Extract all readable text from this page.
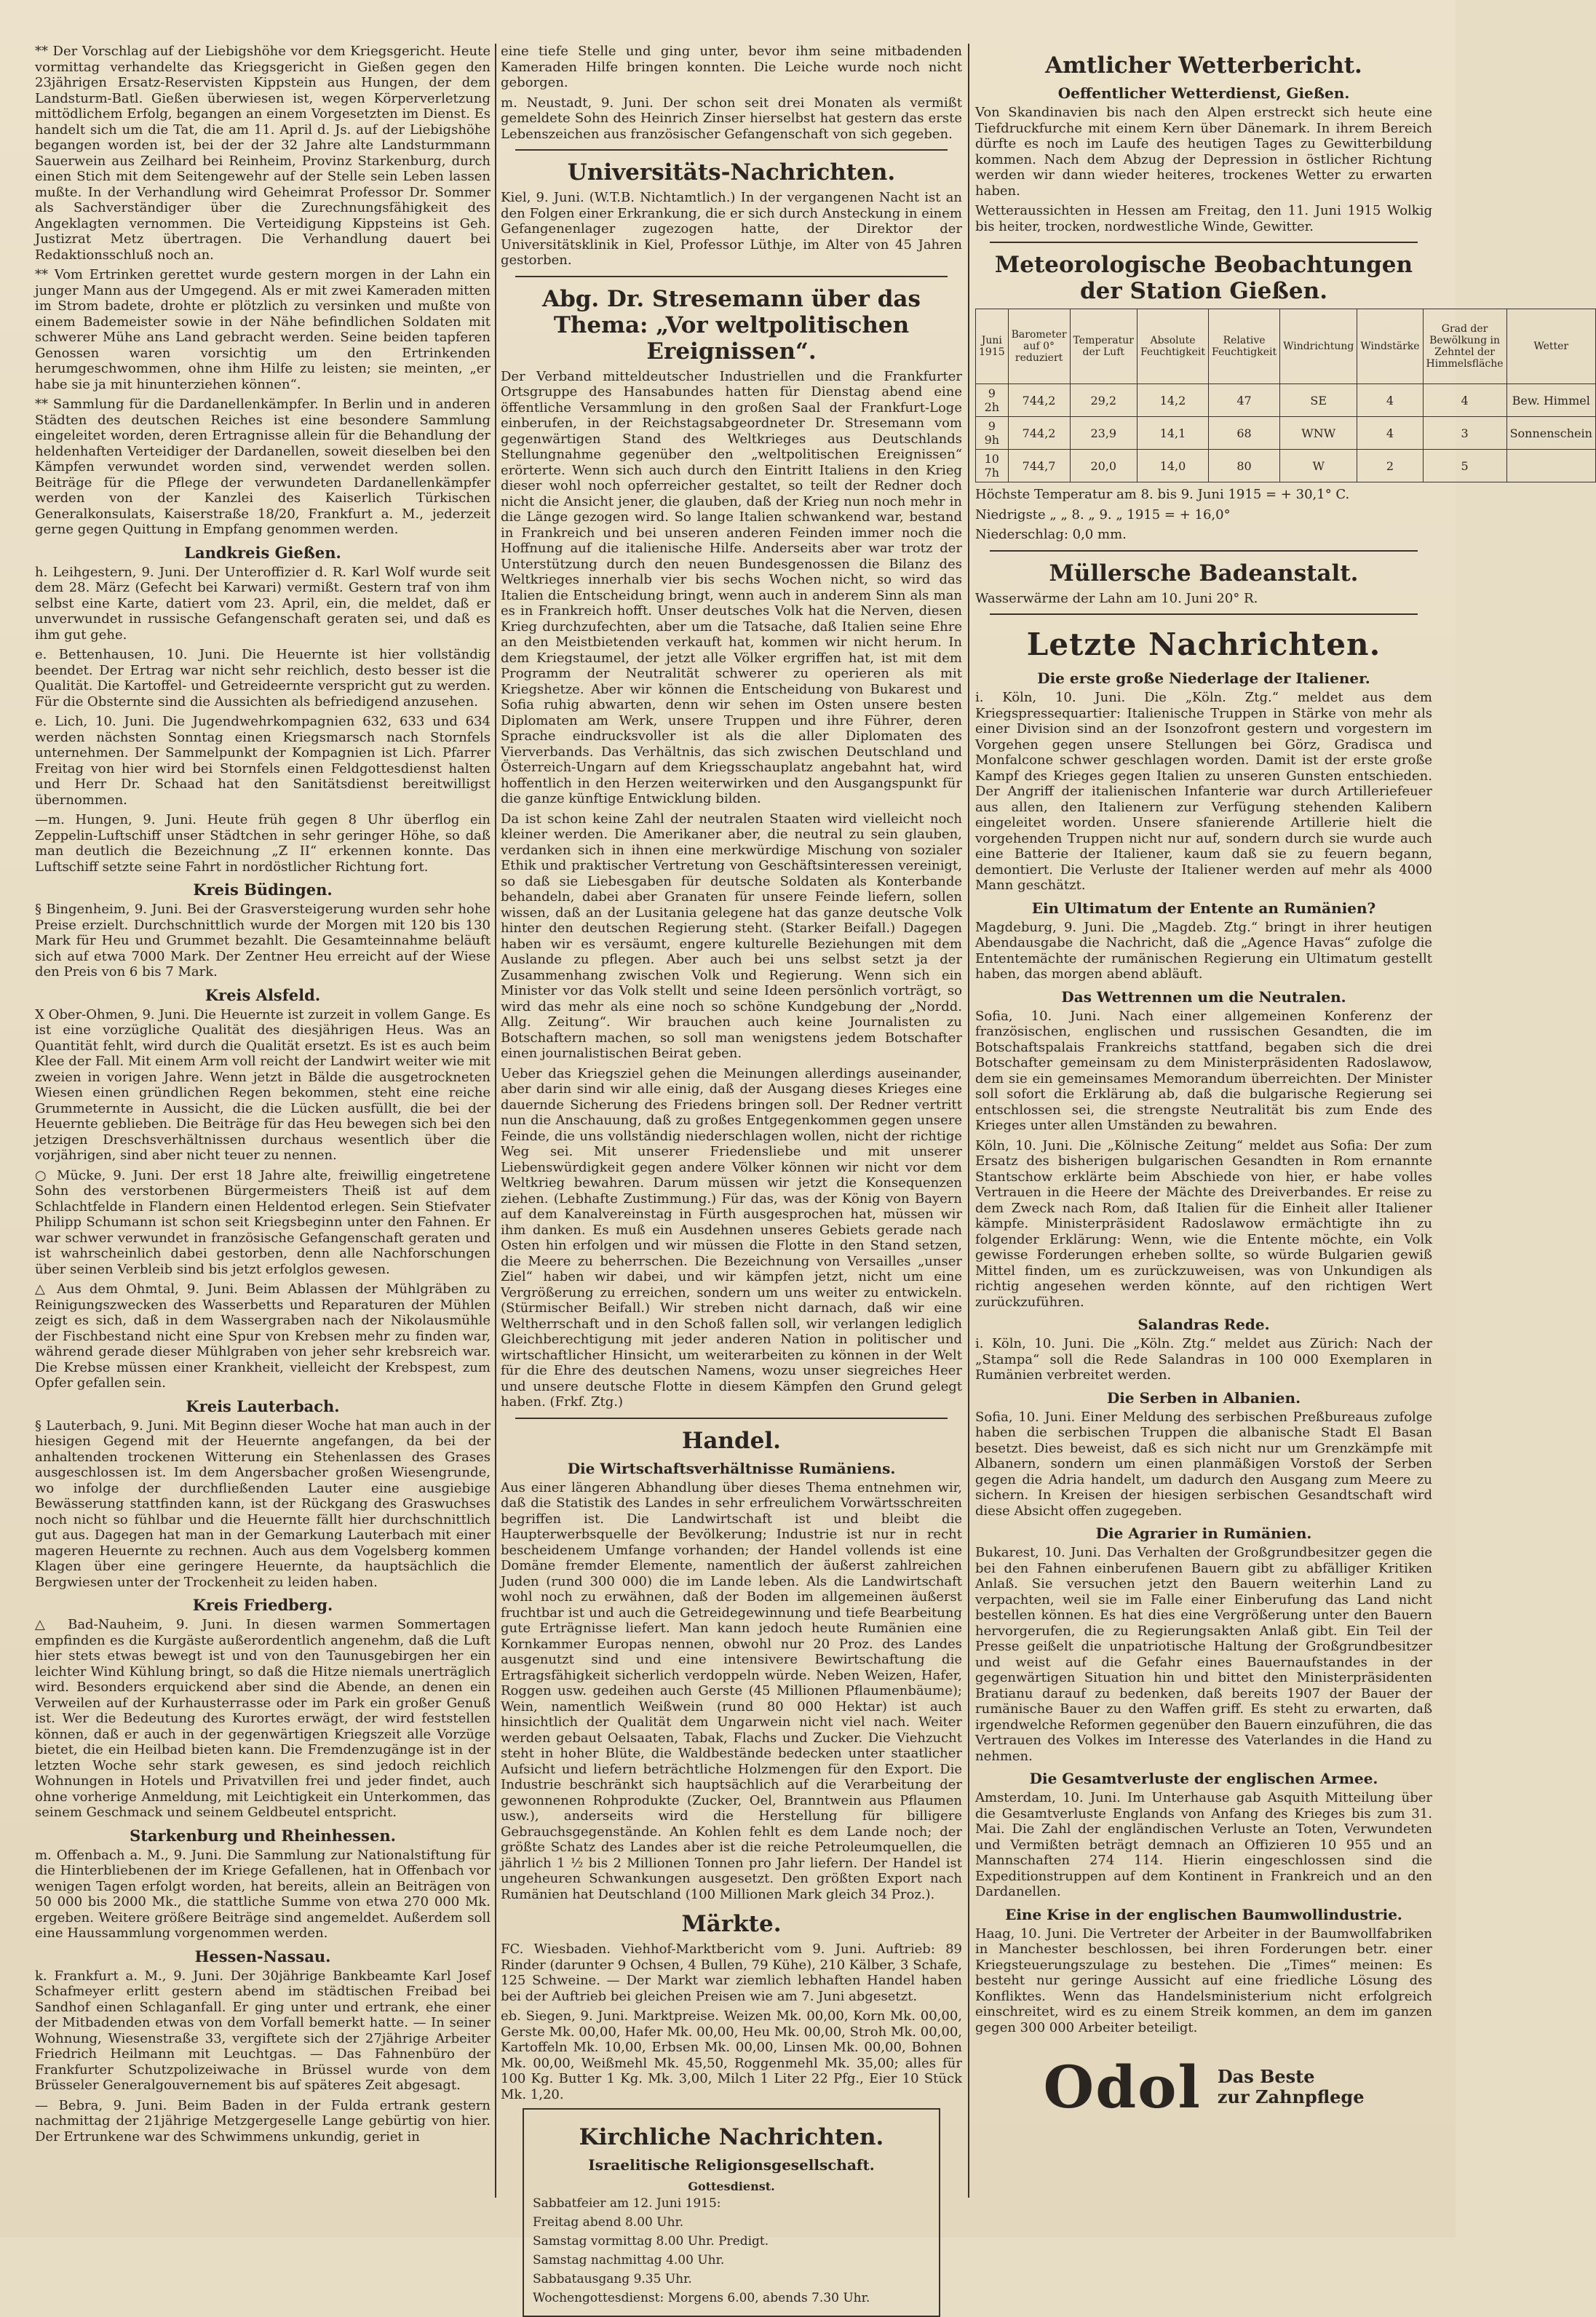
** Der Vorschlag auf der Liebigshöhe vor dem Kriegsgericht. Heute vormittag verhandelte das Kriegsgericht in Gießen gegen den 23jährigen Ersatz-Reservisten Kippstein aus Hungen, der dem Landsturm-Batl. Gießen überwiesen ist, wegen Körperverletzung mittödlichem Erfolg, begangen an einem Vorgesetzten im Dienst. Es handelt sich um die Tat, die am 11. April d. Js. auf der Liebigshöhe begangen worden ist, bei der der 32 Jahre alte Landsturmmann Sauerwein aus Zeilhard bei Reinheim, Provinz Starkenburg, durch einen Stich mit dem Seitengewehr auf der Stelle sein Leben lassen mußte. In der Verhandlung wird Geheimrat Professor Dr. Sommer als Sachverständiger über die Zurechnungsfähigkeit des Angeklagten vernommen. Die Verteidigung Kippsteins ist Geh. Justizrat Metz übertragen. Die Verhandlung dauert bei Redaktionsschluß noch an.

** Vom Ertrinken gerettet wurde gestern morgen in der Lahn ein junger Mann aus der Umgegend. Als er mit zwei Kameraden mitten im Strom badete, drohte er plötzlich zu versinken und mußte von einem Bademeister sowie in der Nähe befindlichen Soldaten mit schwerer Mühe ans Land gebracht werden. Seine beiden tapferen Genossen waren vorsichtig um den Ertrinkenden herumgeschwommen, ohne ihm Hilfe zu leisten; sie meinten, „er habe sie ja mit hinunterziehen können“.

** Sammlung für die Dardanellenkämpfer. In Berlin und in anderen Städten des deutschen Reiches ist eine besondere Sammlung eingeleitet worden, deren Ertragnisse allein für die Behandlung der heldenhaften Verteidiger der Dardanellen, soweit dieselben bei den Kämpfen verwundet worden sind, verwendet werden sollen. Beiträge für die Pflege der verwundeten Dardanellenkämpfer werden von der Kanzlei des Kaiserlich Türkischen Generalkonsulats, Kaiserstraße 18/20, Frankfurt a. M., jederzeit gerne gegen Quittung in Empfang genommen werden.

Landkreis Gießen.

h. Leihgestern, 9. Juni. Der Unteroffizier d. R. Karl Wolf wurde seit dem 28. März (Gefecht bei Karwari) vermißt. Gestern traf von ihm selbst eine Karte, datiert vom 23. April, ein, die meldet, daß er unverwundet in russische Gefangenschaft geraten sei, und daß es ihm gut gehe.

e. Bettenhausen, 10. Juni. Die Heuernte ist hier vollständig beendet. Der Ertrag war nicht sehr reichlich, desto besser ist die Qualität. Die Kartoffel- und Getreideernte verspricht gut zu werden. Für die Obsternte sind die Aussichten als befriedigend anzusehen.

e. Lich, 10. Juni. Die Jugendwehrkompagnien 632, 633 und 634 werden nächsten Sonntag einen Kriegsmarsch nach Stornfels unternehmen. Der Sammelpunkt der Kompagnien ist Lich. Pfarrer Freitag von hier wird bei Stornfels einen Feldgottesdienst halten und Herr Dr. Schaad hat den Sanitätsdienst bereitwilligst übernommen.

—m. Hungen, 9. Juni. Heute früh gegen 8 Uhr überflog ein Zeppelin-Luftschiff unser Städtchen in sehr geringer Höhe, so daß man deutlich die Bezeichnung „Z II“ erkennen konnte. Das Luftschiff setzte seine Fahrt in nordöstlicher Richtung fort.

Kreis Büdingen.

§ Bingenheim, 9. Juni. Bei der Grasversteigerung wurden sehr hohe Preise erzielt. Durchschnittlich wurde der Morgen mit 120 bis 130 Mark für Heu und Grummet bezahlt. Die Gesamteinnahme beläuft sich auf etwa 7000 Mark. Der Zentner Heu erreicht auf der Wiese den Preis von 6 bis 7 Mark.

Kreis Alsfeld.

X Ober-Ohmen, 9. Juni. Die Heuernte ist zurzeit in vollem Gange. Es ist eine vorzügliche Qualität des diesjährigen Heus. Was an Quantität fehlt, wird durch die Qualität ersetzt. Es ist es auch beim Klee der Fall. Mit einem Arm voll reicht der Landwirt weiter wie mit zweien in vorigen Jahre. Wenn jetzt in Bälde die ausgetrockneten Wiesen einen gründlichen Regen bekommen, steht eine reiche Grummeternte in Aussicht, die die Lücken ausfüllt, die bei der Heuernte geblieben. Die Beiträge für das Heu bewegen sich bei den jetzigen Dreschsverhältnissen durchaus wesentlich über die vorjährigen, sind aber nicht teuer zu nennen.

○ Mücke, 9. Juni. Der erst 18 Jahre alte, freiwillig eingetretene Sohn des verstorbenen Bürgermeisters Theiß ist auf dem Schlachtfelde in Flandern einen Heldentod erlegen. Sein Stiefvater Philipp Schumann ist schon seit Kriegsbeginn unter den Fahnen. Er war schwer verwundet in französische Gefangenschaft geraten und ist wahrscheinlich dabei gestorben, denn alle Nachforschungen über seinen Verbleib sind bis jetzt erfolglos gewesen.

△ Aus dem Ohmtal, 9. Juni. Beim Ablassen der Mühlgräben zu Reinigungszwecken des Wasserbetts und Reparaturen der Mühlen zeigt es sich, daß in dem Wassergraben nach der Nikolausmühle der Fischbestand nicht eine Spur von Krebsen mehr zu finden war, während gerade dieser Mühlgraben von jeher sehr krebsreich war. Die Krebse müssen einer Krankheit, vielleicht der Krebspest, zum Opfer gefallen sein.

Kreis Lauterbach.

§ Lauterbach, 9. Juni. Mit Beginn dieser Woche hat man auch in der hiesigen Gegend mit der Heuernte angefangen, da bei der anhaltenden trockenen Witterung ein Stehenlassen des Grases ausgeschlossen ist. Im dem Angersbacher großen Wiesengrunde, wo infolge der durchfließenden Lauter eine ausgiebige Bewässerung stattfinden kann, ist der Rückgang des Graswuchses noch nicht so fühlbar und die Heuernte fällt hier durchschnittlich gut aus. Dagegen hat man in der Gemarkung Lauterbach mit einer mageren Heuernte zu rechnen. Auch aus dem Vogelsberg kommen Klagen über eine geringere Heuernte, da hauptsächlich die Bergwiesen unter der Trockenheit zu leiden haben.

Kreis Friedberg.

△ Bad-Nauheim, 9. Juni. In diesen warmen Sommertagen empfinden es die Kurgäste außerordentlich angenehm, daß die Luft hier stets etwas bewegt ist und von den Taunusgebirgen her ein leichter Wind Kühlung bringt, so daß die Hitze niemals unerträglich wird. Besonders erquickend aber sind die Abende, an denen ein Verweilen auf der Kurhausterrasse oder im Park ein großer Genuß ist. Wer die Bedeutung des Kurortes erwägt, der wird feststellen können, daß er auch in der gegenwärtigen Kriegszeit alle Vorzüge bietet, die ein Heilbad bieten kann. Die Fremdenzugänge ist in der letzten Woche sehr stark gewesen, es sind jedoch reichlich Wohnungen in Hotels und Privatvillen frei und jeder findet, auch ohne vorherige Anmeldung, mit Leichtigkeit ein Unterkommen, das seinem Geschmack und seinem Geldbeutel entspricht.

Starkenburg und Rheinhessen.

m. Offenbach a. M., 9. Juni. Die Sammlung zur Nationalstiftung für die Hinterbliebenen der im Kriege Gefallenen, hat in Offenbach vor wenigen Tagen erfolgt worden, hat bereits, allein an Beiträgen von 50 000 bis 2000 Mk., die stattliche Summe von etwa 270 000 Mk. ergeben. Weitere größere Beiträge sind angemeldet. Außerdem soll eine Haussammlung vorgenommen werden.

Hessen-Nassau.

k. Frankfurt a. M., 9. Juni. Der 30jährige Bankbeamte Karl Josef Schafmeyer erlitt gestern abend im städtischen Freibad bei Sandhof einen Schlaganfall. Er ging unter und ertrank, ehe einer der Mitbadenden etwas von dem Vorfall bemerkt hatte. — In seiner Wohnung, Wiesenstraße 33, vergiftete sich der 27jährige Arbeiter Friedrich Heilmann mit Leuchtgas. — Das Fahnenbüro der Frankfurter Schutzpolizeiwache in Brüssel wurde von dem Brüsseler Generalgouvernement bis auf späteres Zeit abgesagt.

— Bebra, 9. Juni. Beim Baden in der Fulda ertrank gestern nachmittag der 21jährige Metzgergeselle Lange gebürtig von hier. Der Ertrunkene war des Schwimmens unkundig, geriet in

eine tiefe Stelle und ging unter, bevor ihm seine mitbadenden Kameraden Hilfe bringen konnten. Die Leiche wurde noch nicht geborgen.

m. Neustadt, 9. Juni. Der schon seit drei Monaten als vermißt gemeldete Sohn des Heinrich Zinser hierselbst hat gestern das erste Lebenszeichen aus französischer Gefangenschaft von sich gegeben.

Universitäts-Nachrichten.

Kiel, 9. Juni. (W.T.B. Nichtamtlich.) In der vergangenen Nacht ist an den Folgen einer Erkrankung, die er sich durch Ansteckung in einem Gefangenenlager zugezogen hatte, der Direktor der Universitätsklinik in Kiel, Professor Lüthje, im Alter von 45 Jahren gestorben.

Abg. Dr. Stresemann über das Thema: „Vor weltpolitischen Ereignissen“.

Der Verband mitteldeutscher Industriellen und die Frankfurter Ortsgruppe des Hansabundes hatten für Dienstag abend eine öffentliche Versammlung in den großen Saal der Frankfurt-Loge einberufen, in der Reichstagsabgeordneter Dr. Stresemann vom gegenwärtigen Stand des Weltkrieges aus Deutschlands Stellungnahme gegenüber den „weltpolitischen Ereignissen“ erörterte. Wenn sich auch durch den Eintritt Italiens in den Krieg dieser wohl noch opferreicher gestaltet, so teilt der Redner doch nicht die Ansicht jener, die glauben, daß der Krieg nun noch mehr in die Länge gezogen wird. So lange Italien schwankend war, bestand in Frankreich und bei unseren anderen Feinden immer noch die Hoffnung auf die italienische Hilfe. Anderseits aber war trotz der Unterstützung durch den neuen Bundesgenossen die Bilanz des Weltkrieges innerhalb vier bis sechs Wochen nicht, so wird das Italien die Entscheidung bringt, wenn auch in anderem Sinn als man es in Frankreich hofft. Unser deutsches Volk hat die Nerven, diesen Krieg durchzufechten, aber um die Tatsache, daß Italien seine Ehre an den Meistbietenden verkauft hat, kommen wir nicht herum. In dem Kriegstaumel, der jetzt alle Völker ergriffen hat, ist mit dem Programm der Neutralität schwerer zu operieren als mit Kriegshetze. Aber wir können die Entscheidung von Bukarest und Sofia ruhig abwarten, denn wir sehen im Osten unsere besten Diplomaten am Werk, unsere Truppen und ihre Führer, deren Sprache eindrucksvoller ist als die aller Diplomaten des Vierverbands. Das Verhältnis, das sich zwischen Deutschland und Österreich-Ungarn auf dem Kriegsschauplatz angebahnt hat, wird hoffentlich in den Herzen weiterwirken und den Ausgangspunkt für die ganze künftige Entwicklung bilden.

Da ist schon keine Zahl der neutralen Staaten wird vielleicht noch kleiner werden. Die Amerikaner aber, die neutral zu sein glauben, verdanken sich in ihnen eine merkwürdige Mischung von sozialer Ethik und praktischer Vertretung von Geschäftsinteressen vereinigt, so daß sie Liebesgaben für deutsche Soldaten als Konterbande behandeln, dabei aber Granaten für unsere Feinde liefern, sollen wissen, daß an der Lusitania gelegene hat das ganze deutsche Volk hinter den deutschen Regierung steht. (Starker Beifall.) Dagegen haben wir es versäumt, engere kulturelle Beziehungen mit dem Auslande zu pflegen. Aber auch bei uns selbst setzt ja der Zusammenhang zwischen Volk und Regierung. Wenn sich ein Minister vor das Volk stellt und seine Ideen persönlich vorträgt, so wird das mehr als eine noch so schöne Kundgebung der „Nordd. Allg. Zeitung“. Wir brauchen auch keine Journalisten zu Botschaftern machen, so soll man wenigstens jedem Botschafter einen journalistischen Beirat geben.

Ueber das Kriegsziel gehen die Meinungen allerdings auseinander, aber darin sind wir alle einig, daß der Ausgang dieses Krieges eine dauernde Sicherung des Friedens bringen soll. Der Redner vertritt nun die Anschauung, daß zu großes Entgegenkommen gegen unsere Feinde, die uns vollständig niederschlagen wollen, nicht der richtige Weg sei. Mit unserer Friedensliebe und mit unserer Liebenswürdigkeit gegen andere Völker können wir nicht vor dem Weltkrieg bewahren. Darum müssen wir jetzt die Konsequenzen ziehen. (Lebhafte Zustimmung.) Für das, was der König von Bayern auf dem Kanalvereinstag in Fürth ausgesprochen hat, müssen wir ihm danken. Es muß ein Ausdehnen unseres Gebiets gerade nach Osten hin erfolgen und wir müssen die Flotte in den Stand setzen, die Meere zu beherrschen. Die Bezeichnung von Versailles „unser Ziel“ haben wir dabei, und wir kämpfen jetzt, nicht um eine Vergrößerung zu erreichen, sondern um uns weiter zu entwickeln. (Stürmischer Beifall.) Wir streben nicht darnach, daß wir eine Weltherrschaft und in den Schoß fallen soll, wir verlangen lediglich Gleichberechtigung mit jeder anderen Nation in politischer und wirtschaftlicher Hinsicht, um weiterarbeiten zu können in der Welt für die Ehre des deutschen Namens, wozu unser siegreiches Heer und unsere deutsche Flotte in diesem Kämpfen den Grund gelegt haben. (Frkf. Ztg.)

Handel.
Die Wirtschaftsverhältnisse Rumäniens.

Aus einer längeren Abhandlung über dieses Thema entnehmen wir, daß die Statistik des Landes in sehr erfreulichem Vorwärtsschreiten begriffen ist. Die Landwirtschaft ist und bleibt die Haupterwerbsquelle der Bevölkerung; Industrie ist nur in recht bescheidenem Umfange vorhanden; der Handel vollends ist eine Domäne fremder Elemente, namentlich der äußerst zahlreichen Juden (rund 300 000) die im Lande leben. Als die Landwirtschaft wohl noch zu erwähnen, daß der Boden im allgemeinen äußerst fruchtbar ist und auch die Getreidegewinnung und tiefe Bearbeitung gute Erträgnisse liefert. Man kann jedoch heute Rumänien eine Kornkammer Europas nennen, obwohl nur 20 Proz. des Landes ausgenutzt sind und eine intensivere Bewirtschaftung die Ertragsfähigkeit sicherlich verdoppeln würde. Neben Weizen, Hafer, Roggen usw. gedeihen auch Gerste (45 Millionen Pflaumenbäume); Wein, namentlich Weißwein (rund 80 000 Hektar) ist auch hinsichtlich der Qualität dem Ungarwein nicht viel nach. Weiter werden gebaut Oelsaaten, Tabak, Flachs und Zucker. Die Viehzucht steht in hoher Blüte, die Waldbestände bedecken unter staatlicher Aufsicht und liefern beträchtliche Holzmengen für den Export. Die Industrie beschränkt sich hauptsächlich auf die Verarbeitung der gewonnenen Rohprodukte (Zucker, Oel, Branntwein aus Pflaumen usw.), anderseits wird die Herstellung für billigere Gebrauchsgegenstände. An Kohlen fehlt es dem Lande noch; der größte Schatz des Landes aber ist die reiche Petroleumquellen, die jährlich 1 ½ bis 2 Millionen Tonnen pro Jahr liefern. Der Handel ist ungeheuren Schwankungen ausgesetzt. Den größten Export nach Rumänien hat Deutschland (100 Millionen Mark gleich 34 Proz.).

Märkte.

FC. Wiesbaden. Viehhof-Marktbericht vom 9. Juni. Auftrieb: 89 Rinder (darunter 9 Ochsen, 4 Bullen, 79 Kühe), 210 Kälber, 3 Schafe, 125 Schweine. — Der Markt war ziemlich lebhaften Handel haben bei der Auftrieb bei gleichen Preisen wie am 7. Juni abgesetzt.

eb. Siegen, 9. Juni. Marktpreise. Weizen Mk. 00,00, Korn Mk. 00,00, Gerste Mk. 00,00, Hafer Mk. 00,00, Heu Mk. 00,00, Stroh Mk. 00,00, Kartoffeln Mk. 10,00, Erbsen Mk. 00,00, Linsen Mk. 00,00, Bohnen Mk. 00,00, Weißmehl Mk. 45,50, Roggenmehl Mk. 35,00; alles für 100 Kg. Butter 1 Kg. Mk. 3,00, Milch 1 Liter 22 Pfg., Eier 10 Stück Mk. 1,20.

Kirchliche Nachrichten.
Israelitische Religionsgesellschaft.
Gottesdienst.

Sabbatfeier am 12. Juni 1915:

Freitag abend 8.00 Uhr.

Samstag vormittag 8.00 Uhr. Predigt.

Samstag nachmittag 4.00 Uhr.

Sabbatausgang 9.35 Uhr.

Wochengottesdienst: Morgens 6.00, abends 7.30 Uhr.

Amtlicher Wetterbericht.
Oeffentlicher Wetterdienst, Gießen.

Von Skandinavien bis nach den Alpen erstreckt sich heute eine Tiefdruckfurche mit einem Kern über Dänemark. In ihrem Bereich dürfte es noch im Laufe des heutigen Tages zu Gewitterbildung kommen. Nach dem Abzug der Depression in östlicher Richtung werden wir dann wieder heiteres, trockenes Wetter zu erwarten haben.

Wetteraussichten in Hessen am Freitag, den 11. Juni 1915 Wolkig bis heiter, trocken, nordwestliche Winde, Gewitter.

Meteorologische Beobachtungen der Station Gießen.
Juni 1915	Barometer auf 0° reduziert	Temperatur der Luft	Absolute Feuchtigkeit	Relative Feuchtigkeit	Windrichtung	Windstärke	Grad der Bewölkung in Zehntel der Himmelsfläche	Wetter
9 2h	744,2	29,2	14,2	47	SE	4	4	Bew. Himmel
9 9h	744,2	23,9	14,1	68	WNW	4	3	Sonnenschein
10 7h	744,7	20,0	14,0	80	W	2	5	

Höchste Temperatur am 8. bis 9. Juni 1915 = + 30,1° C.

Niedrigste „ „ 8. „ 9. „ 1915 = + 16,0°

Niederschlag: 0,0 mm.

Müllersche Badeanstalt.

Wasserwärme der Lahn am 10. Juni 20° R.

Letzte Nachrichten.
Die erste große Niederlage der Italiener.

i. Köln, 10. Juni. Die „Köln. Ztg.“ meldet aus dem Kriegspressequartier: Italienische Truppen in Stärke von mehr als einer Division sind an der Isonzofront gestern und vorgestern im Vorgehen gegen unsere Stellungen bei Görz, Gradisca und Monfalcone schwer geschlagen worden. Damit ist der erste große Kampf des Krieges gegen Italien zu unseren Gunsten entschieden. Der Angriff der italienischen Infanterie war durch Artilleriefeuer aus allen, den Italienern zur Verfügung stehenden Kalibern eingeleitet worden. Unsere sfanierende Artillerie hielt die vorgehenden Truppen nicht nur auf, sondern durch sie wurde auch eine Batterie der Italiener, kaum daß sie zu feuern begann, demontiert. Die Verluste der Italiener werden auf mehr als 4000 Mann geschätzt.

Ein Ultimatum der Entente an Rumänien?

Magdeburg, 9. Juni. Die „Magdeb. Ztg.“ bringt in ihrer heutigen Abendausgabe die Nachricht, daß die „Agence Havas“ zufolge die Ententemächte der rumänischen Regierung ein Ultimatum gestellt haben, das morgen abend abläuft.

Das Wettrennen um die Neutralen.

Sofia, 10. Juni. Nach einer allgemeinen Konferenz der französischen, englischen und russischen Gesandten, die im Botschaftspalais Frankreichs stattfand, begaben sich die drei Botschafter gemeinsam zu dem Ministerpräsidenten Radoslawow, dem sie ein gemeinsames Memorandum überreichten. Der Minister soll sofort die Erklärung ab, daß die bulgarische Regierung sei entschlossen sei, die strengste Neutralität bis zum Ende des Krieges unter allen Umständen zu bewahren.

Köln, 10. Juni. Die „Kölnische Zeitung“ meldet aus Sofia: Der zum Ersatz des bisherigen bulgarischen Gesandten in Rom ernannte Stantschow erklärte beim Abschiede von hier, er habe volles Vertrauen in die Heere der Mächte des Dreiverbandes. Er reise zu dem Zweck nach Rom, daß Italien für die Einheit aller Italiener kämpfe. Ministerpräsident Radoslawow ermächtigte ihn zu folgender Erklärung: Wenn, wie die Entente möchte, ein Volk gewisse Forderungen erheben sollte, so würde Bulgarien gewiß Mittel finden, um es zurückzuweisen, was von Unkundigen als richtig angesehen werden könnte, auf den richtigen Wert zurückzuführen.

Salandras Rede.

i. Köln, 10. Juni. Die „Köln. Ztg.“ meldet aus Zürich: Nach der „Stampa“ soll die Rede Salandras in 100 000 Exemplaren in Rumänien verbreitet werden.

Die Serben in Albanien.

Sofia, 10. Juni. Einer Meldung des serbischen Preßbureaus zufolge haben die serbischen Truppen die albanische Stadt El Basan besetzt. Dies beweist, daß es sich nicht nur um Grenzkämpfe mit Albanern, sondern um einen planmäßigen Vorstoß der Serben gegen die Adria handelt, um dadurch den Ausgang zum Meere zu sichern. In Kreisen der hiesigen serbischen Gesandtschaft wird diese Absicht offen zugegeben.

Die Agrarier in Rumänien.

Bukarest, 10. Juni. Das Verhalten der Großgrundbesitzer gegen die bei den Fahnen einberufenen Bauern gibt zu abfälliger Kritiken Anlaß. Sie versuchen jetzt den Bauern weiterhin Land zu verpachten, weil sie im Falle einer Einberufung das Land nicht bestellen können. Es hat dies eine Vergrößerung unter den Bauern hervorgerufen, die zu Regierungsakten Anlaß gibt. Ein Teil der Presse geißelt die unpatriotische Haltung der Großgrundbesitzer und weist auf die Gefahr eines Bauernaufstandes in der gegenwärtigen Situation hin und bittet den Ministerpräsidenten Bratianu darauf zu bedenken, daß bereits 1907 der Bauer der rumänische Bauer zu den Waffen griff. Es steht zu erwarten, daß irgendwelche Reformen gegenüber den Bauern einzuführen, die das Vertrauen des Volkes im Interesse des Vaterlandes in die Hand zu nehmen.

Die Gesamtverluste der englischen Armee.

Amsterdam, 10. Juni. Im Unterhause gab Asquith Mitteilung über die Gesamtverluste Englands von Anfang des Krieges bis zum 31. Mai. Die Zahl der engländischen Verluste an Toten, Verwundeten und Vermißten beträgt demnach an Offizieren 10 955 und an Mannschaften 274 114. Hierin eingeschlossen sind die Expeditionstruppen auf dem Kontinent in Frankreich und an den Dardanellen.

Eine Krise in der englischen Baumwollindustrie.

Haag, 10. Juni. Die Vertreter der Arbeiter in der Baumwollfabriken in Manchester beschlossen, bei ihren Forderungen betr. einer Kriegsteuerungszulage zu bestehen. Die „Times“ meinen: Es besteht nur geringe Aussicht auf eine friedliche Lösung des Konfliktes. Wenn das Handelsministerium nicht erfolgreich einschreitet, wird es zu einem Streik kommen, an dem im ganzen gegen 300 000 Arbeiter beteiligt.

Odol Das Beste
zur Zahnpflege
